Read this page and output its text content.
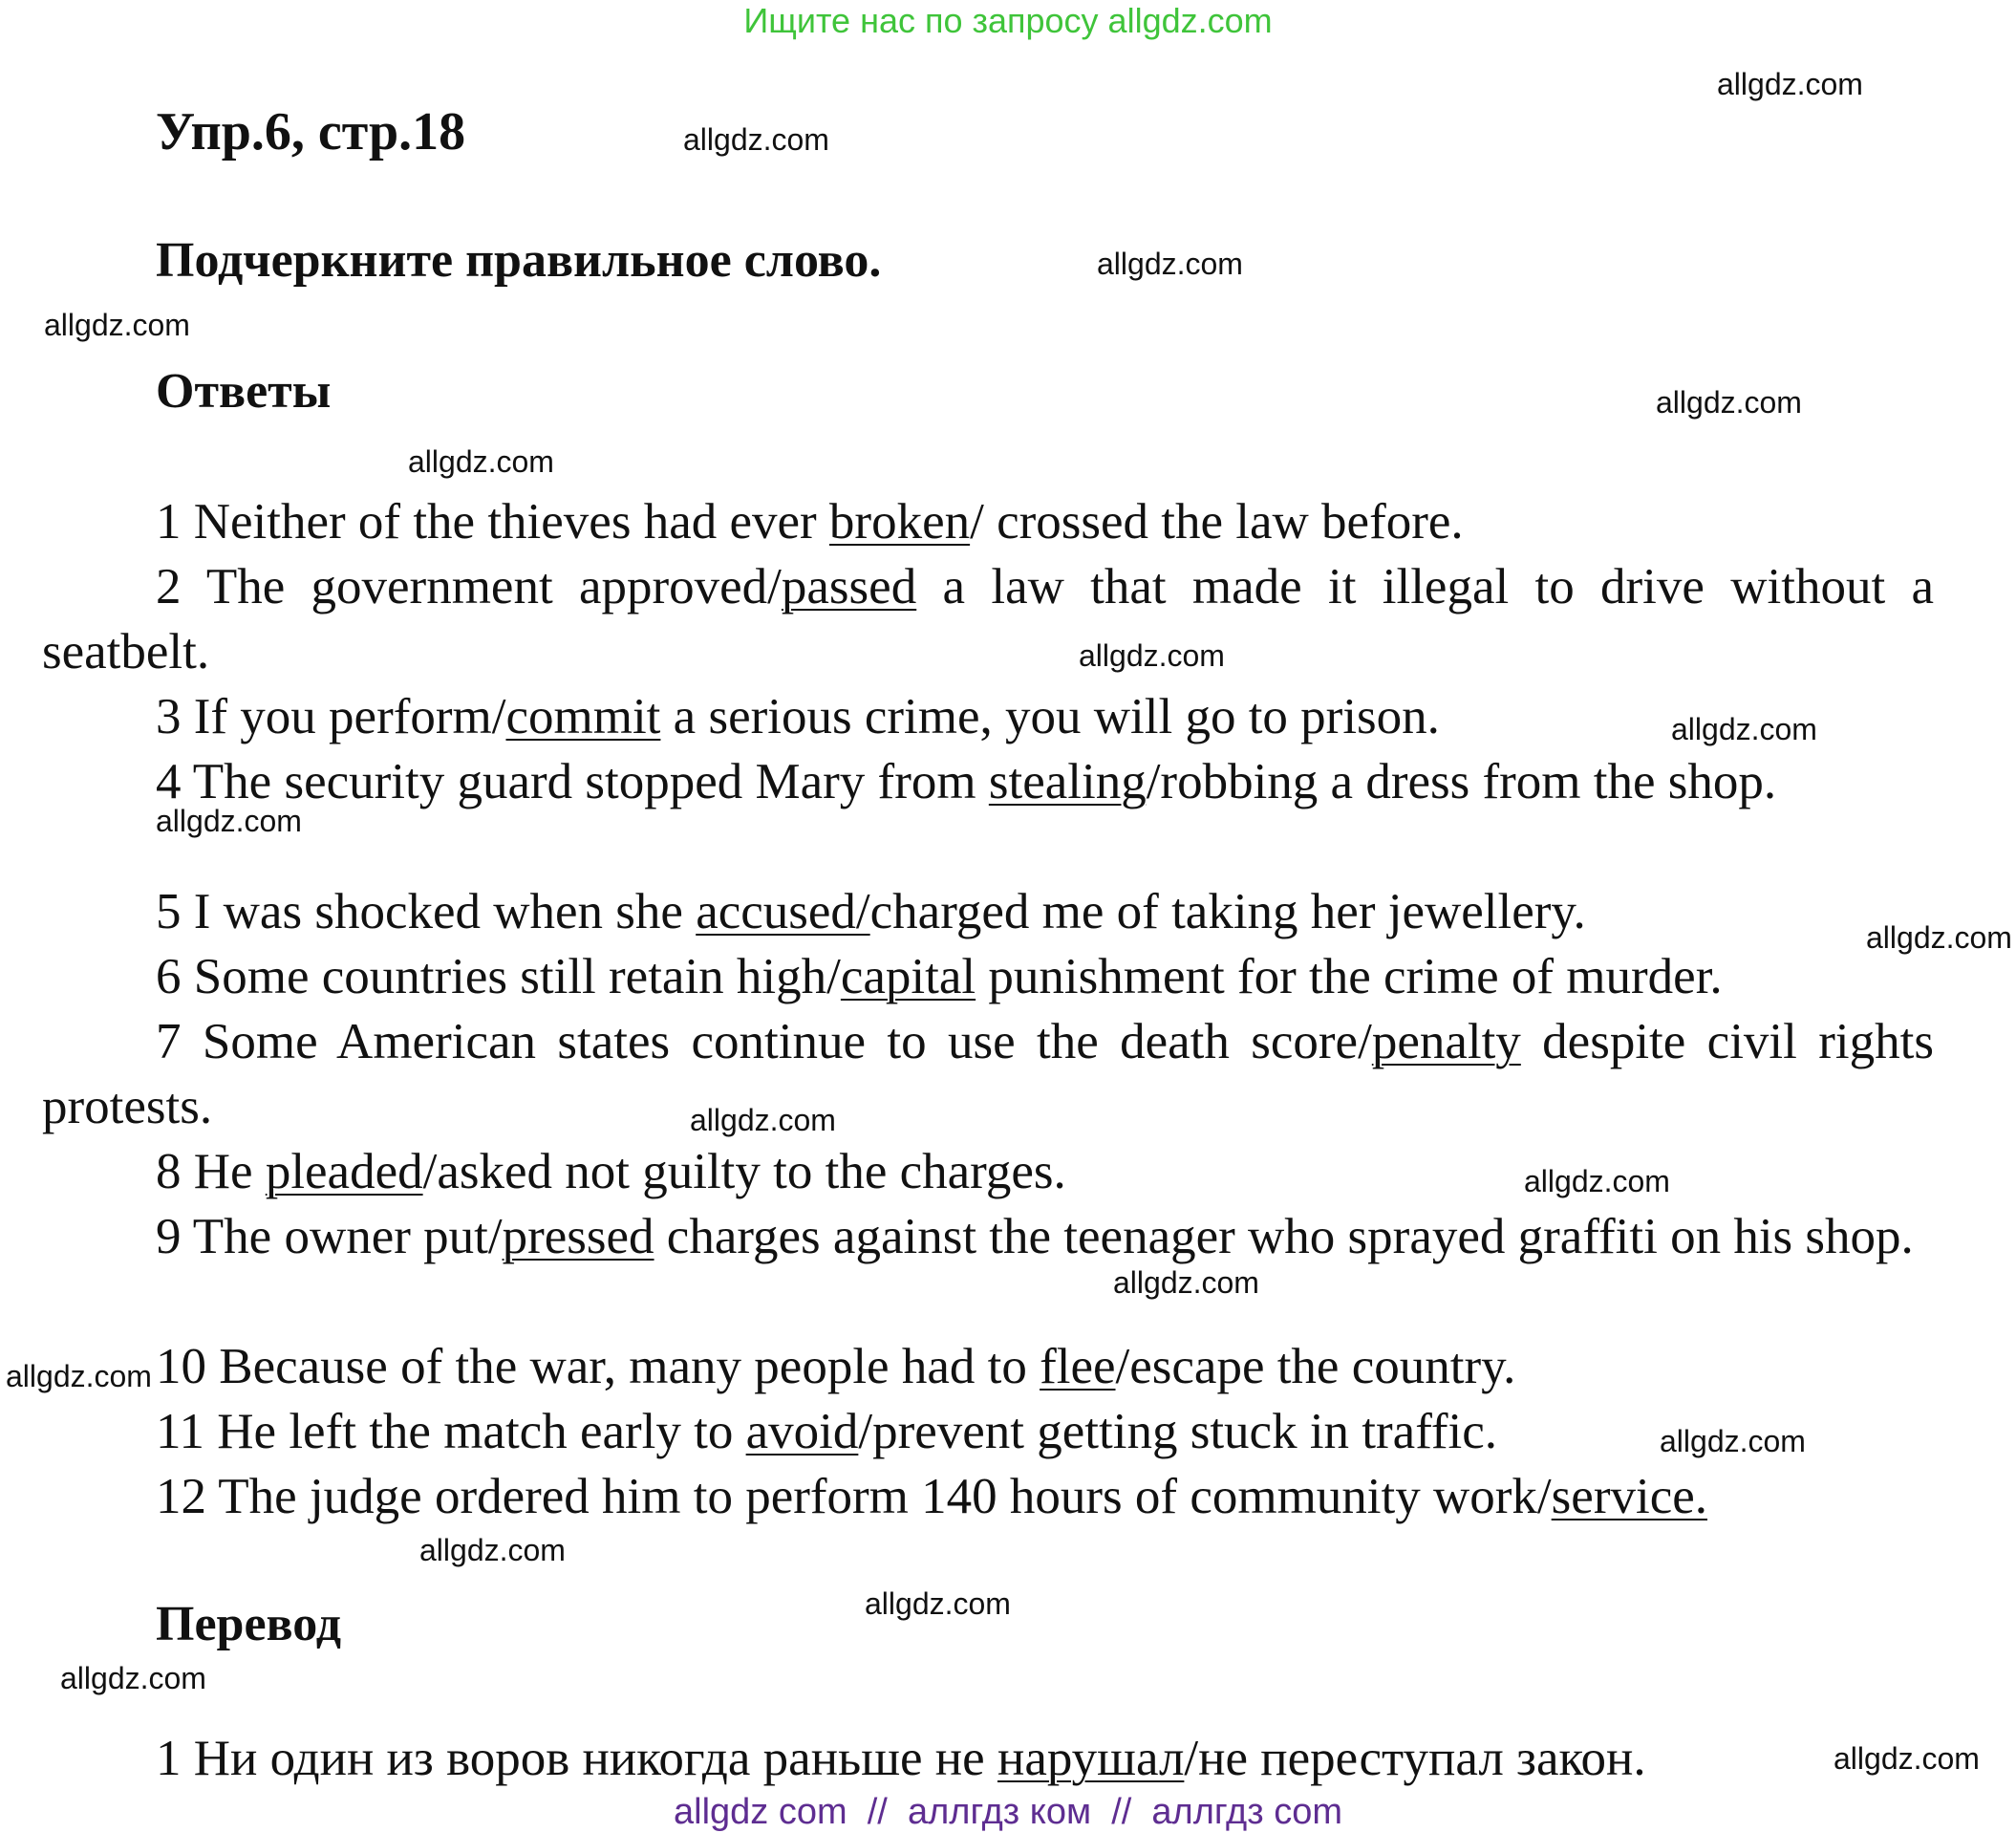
Ищите нас по запросу allgdz.com
Упр.6, стр.18
Подчеркните правильное слово.
Ответы

1 Neither of the thieves had ever broken/ crossed the law before.

2 The government approved/passed a law that made it illegal to drive without a seatbelt.

3 If you perform/commit a serious crime, you will go to prison.

4 The security guard stopped Mary from stealing/robbing a dress from the shop.

5 I was shocked when she accused/charged me of taking her jewellery.

6 Some countries still retain high/capital punishment for the crime of murder.

7 Some American states continue to use the death score/penalty despite civil rights protests.

8 He pleaded/asked not guilty to the charges.

9 The owner put/pressed charges against the teenager who sprayed graffiti on his shop.

10 Because of the war, many people had to flee/escape the country.

11 He left the match early to avoid/prevent getting stuck in traffic.

12 The judge ordered him to perform 140 hours of community work/service.

Перевод

1 Ни один из воров никогда раньше не нарушал/не переступал закон.

allgdz.com
allgdz.com
allgdz.com
allgdz.com
allgdz.com
allgdz.com
allgdz.com
allgdz.com
allgdz.com
allgdz.com
allgdz.com
allgdz.com
allgdz.com
allgdz.com
allgdz.com
allgdz.com
allgdz.com
allgdz.com
allgdz.com
allgdz com  //  аллгдз ком  //  аллгдз com
